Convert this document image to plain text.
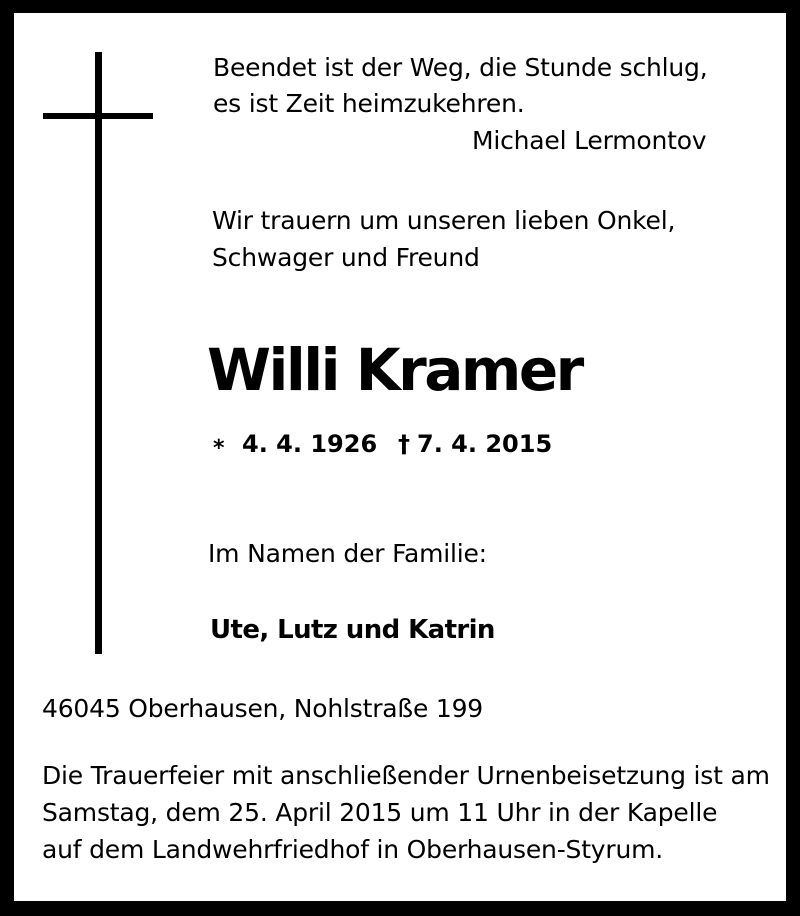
Beendet ist der Weg, die Stunde schlug,
es ist Zeit heimzukehren.
Michael Lermontov
Wir trauern um unseren lieben Onkel,
Schwager und Freund
Willi Kramer
* 4. 4. 1926 † 7. 4. 2015
Im Namen der Familie:
Ute, Lutz und Katrin
46045 Oberhausen, Nohlstraße 199
Die Trauerfeier mit anschließender Urnenbeisetzung ist am
Samstag, dem 25. April 2015 um 11 Uhr in der Kapelle
auf dem Landwehrfriedhof in Oberhausen-Styrum.
